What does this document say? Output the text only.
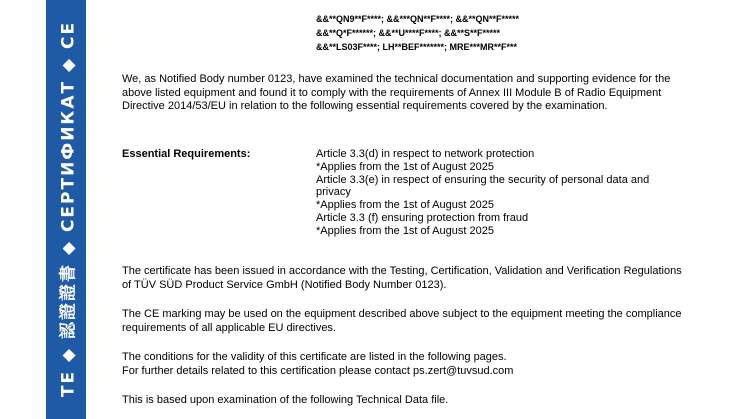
TE ◆ 認證證書 ◆ СЕРТИФИКАТ ◆ CE
&&**QN9**F****; &&***QN**F****; &&**QN**F*****
&&**Q*F******; &&**U****F****; &&**S**F*****
&&**LS03F****; LH**BEF*******; MRE***MR**F***

We, as Notified Body number 0123, have examined the technical documentation and supporting evidence for the above listed equipment and found it to comply with the requirements of Annex III Module B of Radio Equipment Directive 2014/53/EU in relation to the following essential requirements covered by the examination.

Essential Requirements:	Article 3.3(d) in respect to network protection
*Applies from the 1st of August 2025
Article 3.3(e) in respect of ensuring the security of personal data and privacy
*Applies from the 1st of August 2025
Article 3.3 (f) ensuring protection from fraud
*Applies from the 1st of August 2025

The certificate has been issued in accordance with the Testing, Certification, Validation and Verification Regulations of TÜV SÜD Product Service GmbH (Notified Body Number 0123).

The CE marking may be used on the equipment described above subject to the equipment meeting the compliance requirements of all applicable EU directives.

The conditions for the validity of this certificate are listed in the following pages.

For further details related to this certification please contact ps.zert@tuvsud.com

This is based upon examination of the following Technical Data file.
